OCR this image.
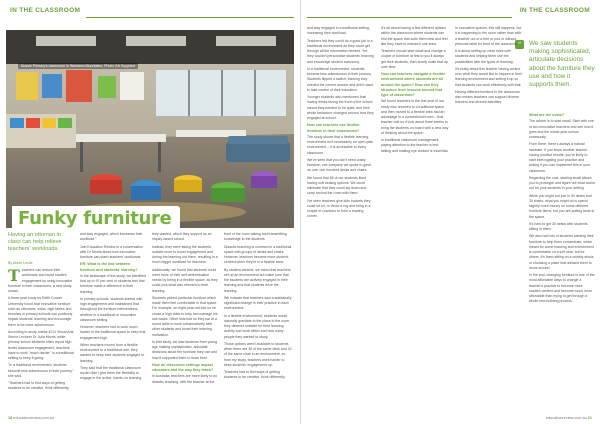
IN THE CLASSROOM
Aussie Primary's classroom in Wontarra Mountains, Photo: Art Supplied
Funky furniture
Having an ottoman in class can help relieve teachers' workloads.
By Abbie Leslie

Teachers can reduce their workloads and boost student engagement by using innovative furniture in their classrooms, a new study shows.

A three-year study by Edith Cowan University found that innovative furniture such as ottomans, sofas, high tables and benches in primary schools can positively impact students' learning and encourage them to be more autonomous.

According to study author ECU Visual Arts Senior Lecturer Dr Julia Morris, while primary school students often report high levels classroom engagement, teachers have to work "much harder" in a traditional setting to keep it going.

"In a traditional environment, students become less adventurous in their journey," she said.

"Teachers had to find ways of getting students to be creative, think differently,

and stay engaged, which increases their workload."

Join Education Review in a conversation with Dr Morris about how innovative furniture can slash teachers' workloads.

ER: What is the link between furniture and students' learning?

In the landscape of the study, we identified that up to 97 per cent of students feel that furniture made a difference in their learning.

In primary schools, students started with high engagement and maintained that throughout the furniture interventions, whether in a traditional or innovative classroom setting.

However, teachers had to work much harder in the traditional space to keep that engagement high.

When teachers moved from a flexible environment to a traditional one, they wanted to keep their students engaged in learning.

They said that the traditional classroom model didn't give them the flexibility to engage in the active, hands-on learning

they wanted, which they support as an inquiry-based school.

Instead, they were taking the students outside more to boost engagement and during the learning out there, resulting in a much bigger workload for teachers.

Additionally, we found that students could meet more of their self-determination needs by being in a flexible space, as they could pick what was relevant to their learning.

Students picked particular furniture which made them feel comfortable in that space. For example, an eight-year-old told us he chose a high table to help him manage his own tasks. Other kids told us they sat at a round table to work collaboratively with other students and boost their learning motivation.

In that study, we saw students from young age making sophisticated, articulate decisions about the furniture they use and how it supported them to learn best.

How do classroom settings impact educators and the way they teach?

In Australia, teachers are more likely to do didactic teaching, with the teacher at the

front of the room talking and transmitting knowledge to the students.

Didactic teaching is common in a traditional space with groups of desks and chairs. However, teachers become more student-centred when they're in a flexible area.

By student-centred, we mean that teachers set up an environment but make sure that the students are actively engaged in their learning and that students drive the learning.

We indicate that teachers saw a statistically significant change in their practice in each environment.

In a flexible environment, students would naturally gravitate to the place in the room they deemed suitable for their learning activity and work within and how many people they wanted to study.

Those options aren't available to students when there are 30 of the same desk and 30 of the same chair in an environment, so from my study, teachers work harder to keep students' engagement up.

Teachers had to find ways of getting students to be creative, think differently,

18 educationreview.com.au
IN THE CLASSROOM

and stay engaged in a traditional setting, increasing their workload.

Teachers felt they could do a good job in a traditional environment as they could get through all the information needed. Yet, they couldn't personalise students' learning and encourage student autonomy.

In a traditional environment, students became less adventurous in their journey. Students flipped a switch, thinking they needed the correct answer and didn't want to take control of their education.

Younger students also mentioned that having desks facing the front of the school meant they needed to be quiet, and their whole behaviour changed around how they engaged at school.

How can teachers use flexible furniture in their classrooms?

The study shows that a flexible learning environment isn't necessarily an open-plan environment – it is accessible to every classroom.

We've seen that you don't need costly furniture; one company we spoke to gave us over one hundred desks and chairs.

We found that 65 of our students liked having soft seating options. We could eliminate that they could lay down and carry around the room with them.

I've seen teachers give kids buckets they could sit on, or throw a rug and bring in a couple of cushions to form a reading corner.

It's all about having a few different options within the classroom where students can find the space that suits them best and feel like they have to research one area.

Teachers should start small and change a couple of furniture at first to you'll always get their students, then slowly scale that up over time.

How can teachers navigate a flexible environment where students are all around the space? How can they structure their lessons around that type of classroom?

We found teachers in the first year of our study who returned to a traditional space and then moved to a flexible area had an advantage in a conventional room – that teacher told us it took about three weeks to bring the students on board with a new way of thinking about the space.

In traditional classroom management, paying attention to the teacher is lest: talking and making eye contact is essential.

“ We saw students making sophisticated, articulate decisions about the furniture they use and how it supports them.

In innovative spaces, this still happens, but it is happening in the room rather than with a teacher out of a tree or pod or without personal table for front of the classroom.

It is about setting up clear rules with students and helping them use the possibilities with the types of learning.

It's really about this teacher having control over what they would like to happen in their learning environment and setting it up so that students can work effectively with that.

Having different furniture in the classroom also means teachers can support diverse learners and diverse activities.

What are the costs?

The advice is to start small. Start with one or two innovative teachers and see how it goes and the whole-year school community.

From there, there's always a natural increase. If you know another teacher having positive results, you're likely to start interrogating your practice and asking if you can implement this in your classroom.

Regarding the cost, starting small allows you to prototype and figure out what works out for your students in your setting.

While you might not just in 30 desks and 30 chairs, what you might do is spend slightly more money on some different furniture items, but you are putting beds in the space.

It's hard to get 30 desks with students sitting in them.

We also had lots of students wanting their furniture to help them concentrate, which meant for some learning and environment is comfortable on a soft seat, but for others, it's them sitting on a wobbly stools or choosing a place that allowed them to move around.

In the end, changing furniture is one of the most affordable ways to change a teacher's practice to become more student-centred and become much more affordable than trying to get through a whole new building process.

educationreview.com.au 21
